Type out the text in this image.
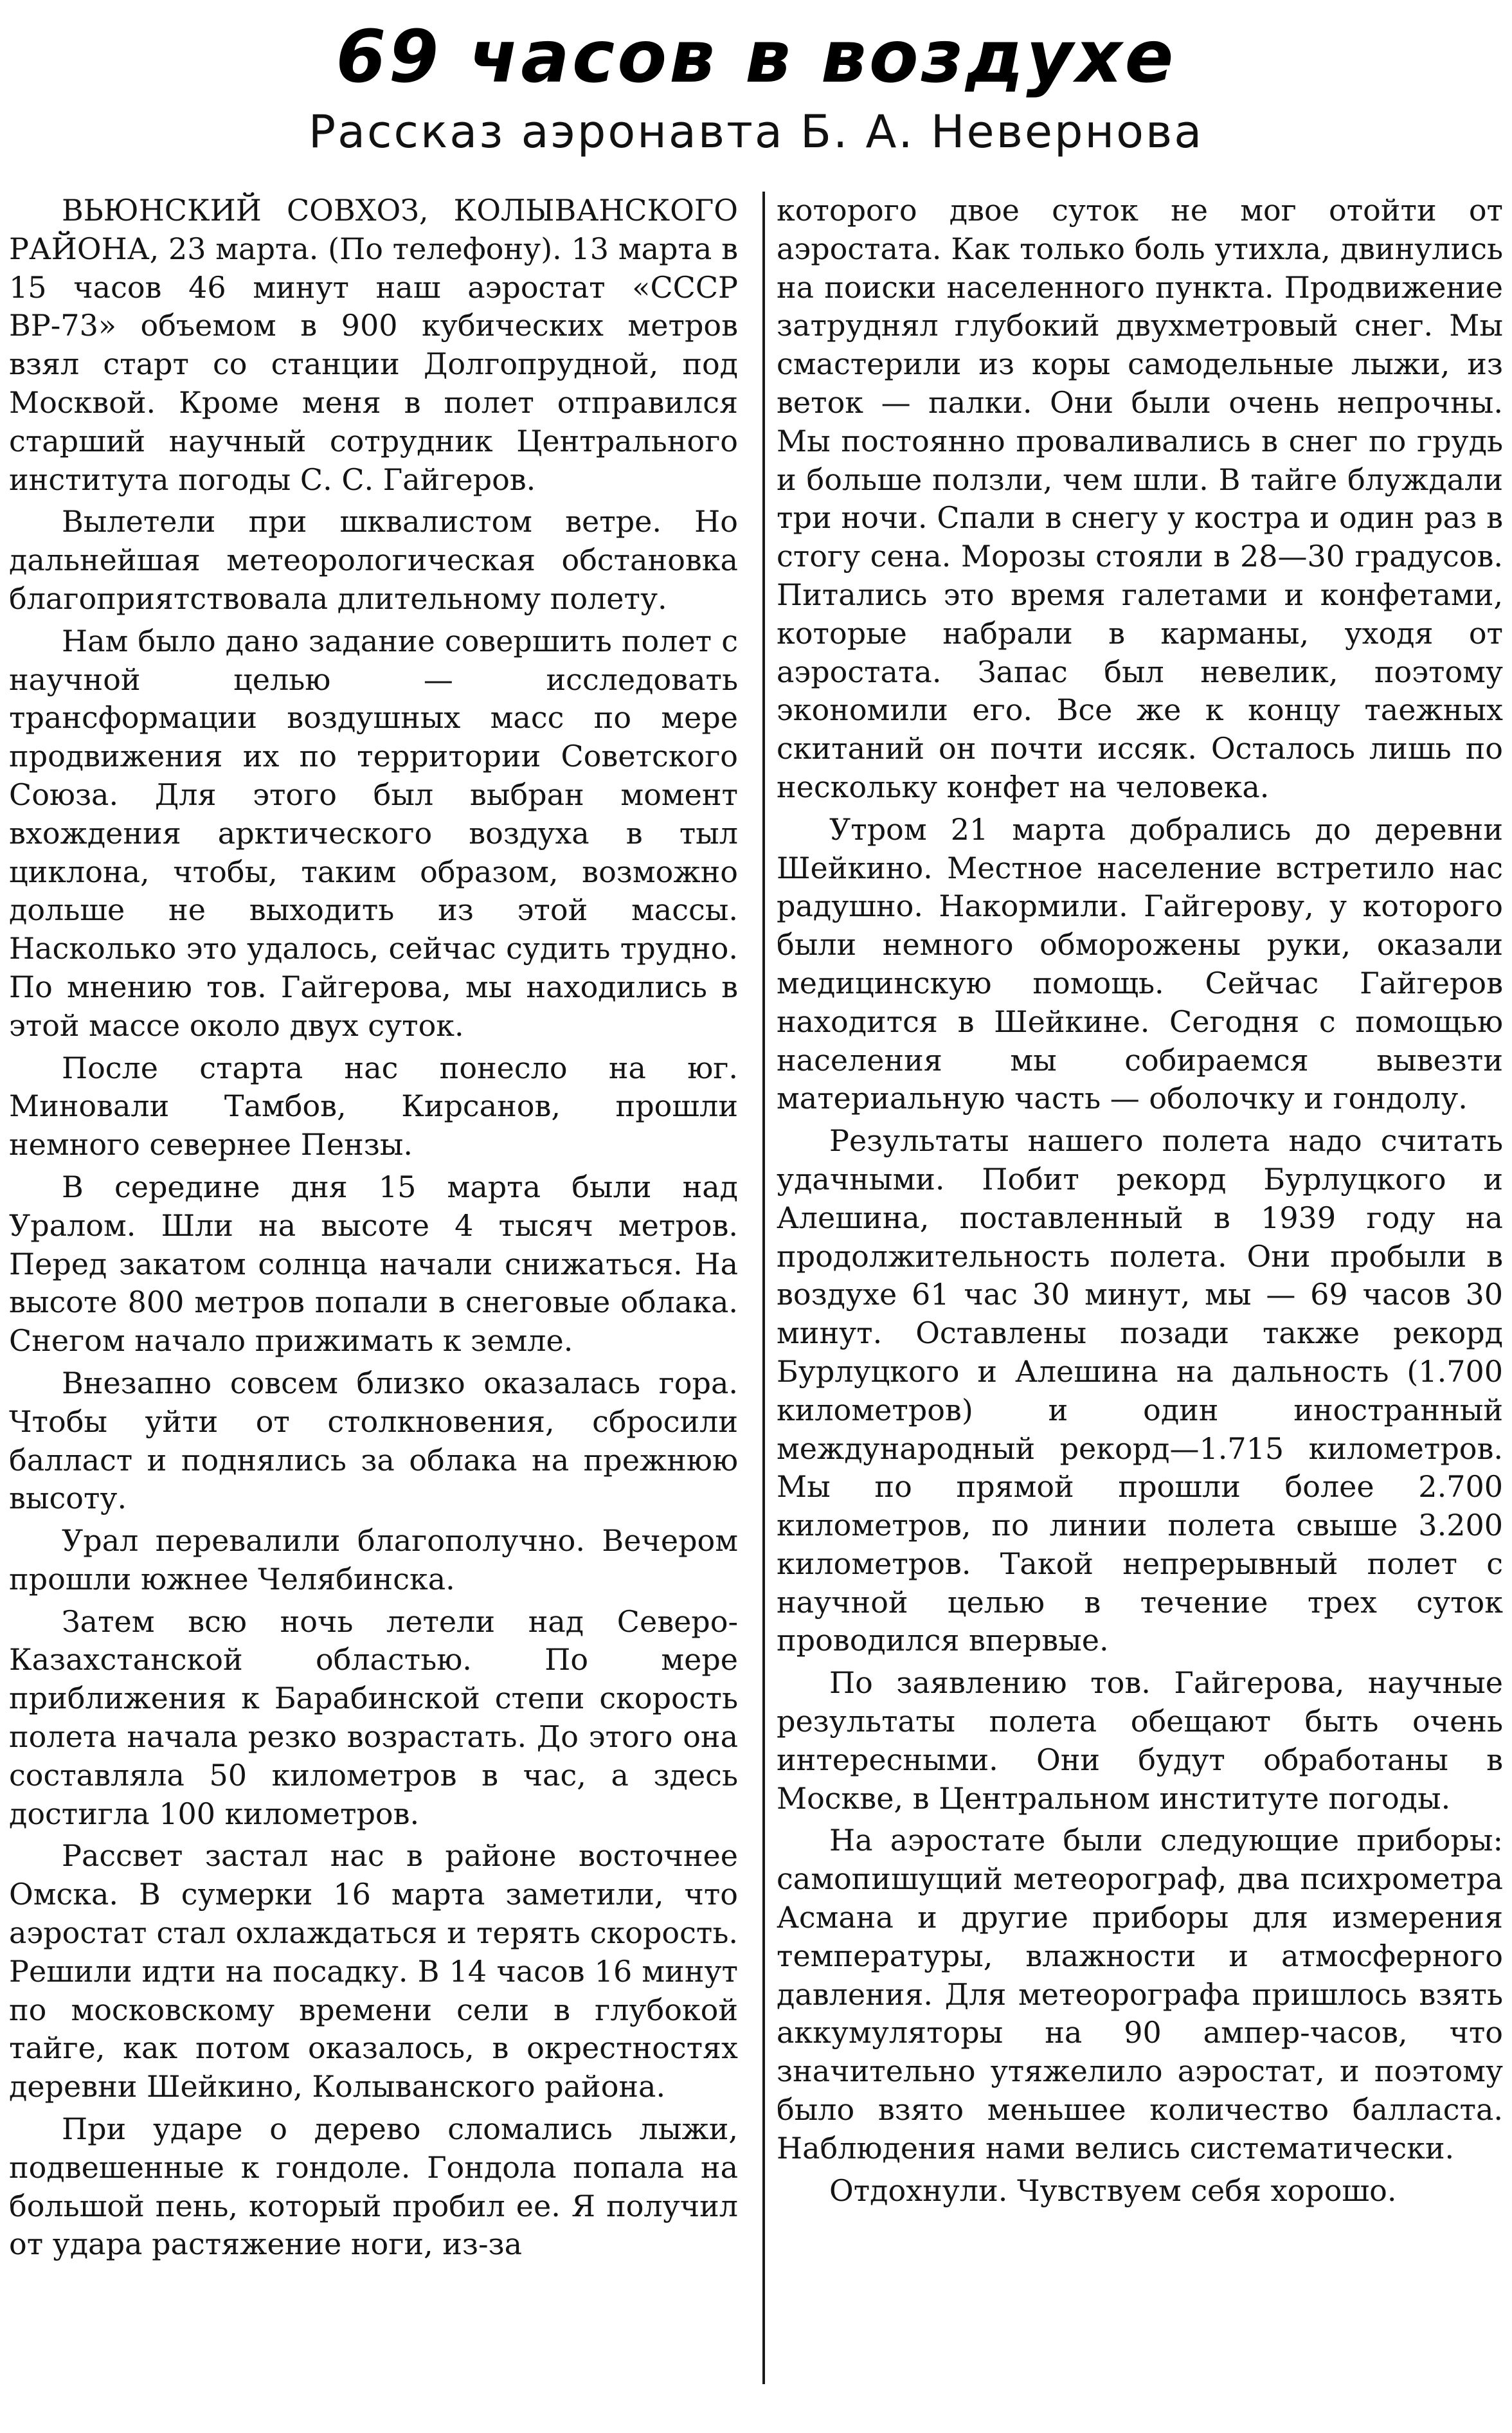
69 часов в воздухе
Рассказ аэронавта Б. А. Неверновa

ВЬЮНСКИЙ СОВХОЗ, КОЛЫВАНСКОГО РАЙОНА, 23 марта. (По телефону). 13 марта в 15 часов 46 минут наш аэростат «СССР ВР-73» объемом в 900 кубических метров взял старт со станции Долгопрудной, под Москвой. Кроме меня в полет отправился старший научный сотрудник Центрального института погоды С. С. Гайгеров.

Вылетели при шквалистом ветре. Но дальнейшая метеорологическая обстановка благоприятствовала длительному полету.

Нам было дано задание совершить полет с научной целью — исследовать трансформации воздушных масс по мере продвижения их по территории Советского Союза. Для этого был выбран момент вхождения арктического воздуха в тыл циклона, чтобы, таким образом, возможно дольше не выходить из этой массы. Насколько это удалось, сейчас судить трудно. По мнению тов. Гайгерова, мы находились в этой массе около двух суток.

После старта нас понесло на юг. Миновали Тамбов, Кирсанов, прошли немного севернее Пензы.

В середине дня 15 марта были над Уралом. Шли на высоте 4 тысяч метров. Перед закатом солнца начали снижаться. На высоте 800 метров попали в снеговые облака. Снегом начало прижимать к земле.

Внезапно совсем близко оказалась гора. Чтобы уйти от столкновения, сбросили балласт и поднялись за облака на прежнюю высоту.

Урал перевалили благополучно. Вечером прошли южнее Челябинска.

Затем всю ночь летели над Северо-Казахстанской областью. По мере приближения к Барабинской степи скорость полета начала резко возрастать. До этого она составляла 50 километров в час, а здесь достигла 100 километров.

Рассвет застал нас в районе восточнее Омска. В сумерки 16 марта заметили, что аэростат стал охлаждаться и терять скорость. Решили идти на посадку. В 14 часов 16 минут по московскому времени сели в глубокой тайге, как потом оказалось, в окрестностях деревни Шейкино, Колыванского района.

При ударе о дерево сломались лыжи, подвешенные к гондоле. Гондола попала на большой пень, который пробил ее. Я получил от удара растяжение ноги, из-за

которого двое суток не мог отойти от аэростата. Как только боль утихла, двинулись на поиски населенного пункта. Продвижение затруднял глубокий двухметровый снег. Мы смастерили из коры самодельные лыжи, из веток — палки. Они были очень непрочны. Мы постоянно проваливались в снег по грудь и больше ползли, чем шли. В тайге блуждали три ночи. Спали в снегу у костра и один раз в стогу сена. Морозы стояли в 28—30 градусов. Питались это время галетами и конфетами, которые набрали в карманы, уходя от аэростата. Запас был невелик, поэтому экономили его. Все же к концу таежных скитаний он почти иссяк. Осталось лишь по нескольку конфет на человека.

Утром 21 марта добрались до деревни Шейкино. Местное население встретило нас радушно. Накормили. Гайгерову, у которого были немного обморожены руки, оказали медицинскую помощь. Сейчас Гайгеров находится в Шейкине. Сегодня с помощью населения мы собираемся вывезти материальную часть — оболочку и гондолу.

Результаты нашего полета надо считать удачными. Побит рекорд Бурлуцкого и Алешина, поставленный в 1939 году на продолжительность полета. Они пробыли в воздухе 61 час 30 минут, мы — 69 часов 30 минут. Оставлены позади также рекорд Бурлуцкого и Алешина на дальность (1.700 километров) и один иностранный международный рекорд—1.715 километров. Мы по прямой прошли более 2.700 километров, по линии полета свыше 3.200 километров. Такой непрерывный полет с научной целью в течение трех суток проводился впервые.

По заявлению тов. Гайгерова, научные результаты полета обещают быть очень интересными. Они будут обработаны в Москве, в Центральном институте погоды.

На аэростате были следующие приборы: самопишущий метеорограф, два психрометра Асмана и другие приборы для измерения температуры, влажности и атмосферного давления. Для метеорографа пришлось взять аккумуляторы на 90 ампер-часов, что значительно утяжелило аэростат, и поэтому было взято меньшее количество балласта. Наблюдения нами велись систематически.

Отдохнули. Чувствуем себя хорошо.
